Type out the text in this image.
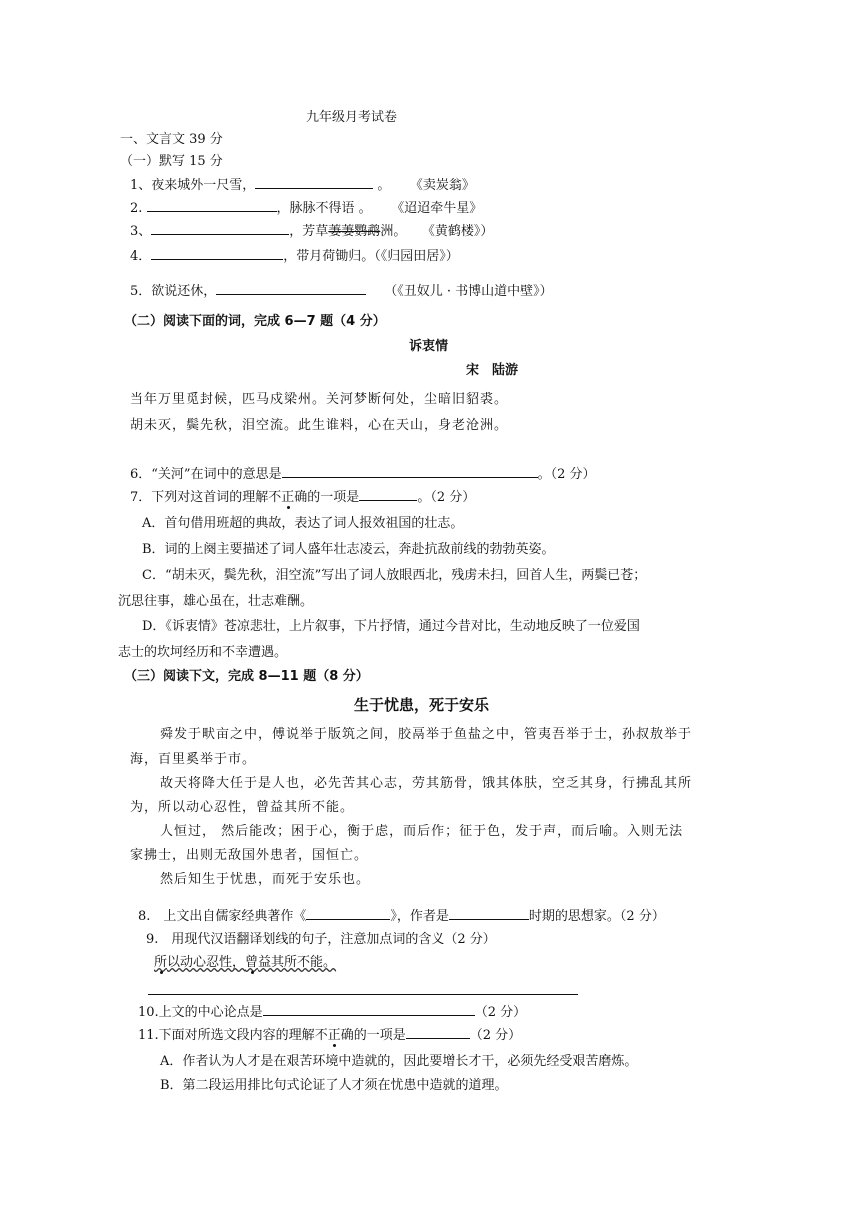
九年级月考试卷
一、文言文 39 分
（一）默写 15 分
1、夜来城外一尺雪，	。 《卖炭翁》
2.	，脉脉不得语 。 《迢迢牵牛星》
3、	，芳草萋萋鹦鹉洲。 《黄鹤楼》）
4．	，带月荷锄归。（《归园田居》）
5．欲说还休，	（《丑奴儿 · 书博山道中壁》）
（二）阅读下面的词，完成 6—7 题（4 分）
诉衷情
宋　陆游
当年万里觅封候，匹马戍梁州。关河梦断何处，尘暗旧貂裘。
胡未灭，鬓先秋，泪空流。此生谁料，心在天山，身老沧洲。
6．“关河”在词中的意思是	。（2 分）
7．下列对这首词的理解不正确的一项是	。（2 分）
A．首句借用班超的典故，表达了词人报效祖国的壮志。
B．词的上阕主要描述了词人盛年壮志凌云，奔赴抗敌前线的勃勃英姿。
C．“胡未灭，鬓先秋，泪空流”写出了词人放眼西北，残虏未扫，回首人生，两鬓已苍；
沉思往事，雄心虽在，壮志难酬。
D．《诉衷情》苍凉悲壮，上片叙事，下片抒情，通过今昔对比，生动地反映了一位爱国
志士的坎坷经历和不幸遭遇。
（三）阅读下文，完成 8—11 题（8 分）
生于忧患，死于安乐
舜发于畎亩之中，傅说举于版筑之间，胶鬲举于鱼盐之中，管夷吾举于士，孙叔敖举于
海，百里奚举于市。
故天将降大任于是人也，必先苦其心志，劳其筋骨，饿其体肤，空乏其身，行拂乱其所
为，所以动心忍性，曾益其所不能。
人恒过， 然后能改；困于心，衡于虑，而后作；征于色，发于声，而后喻。入则无法
家拂士，出则无敌国外患者，国恒亡。
然后知生于忧患，而死于安乐也。
8.　上文出自儒家经典著作《	》，作者是	时期的思想家。（2 分）
9.　用现代汉语翻译划线的句子，注意加点词的含义（2 分）
所以动心忍性，曾益其所不能。
10.上文的中心论点是	（2 分）
11.下面对所选文段内容的理解不正确的一项是	（2 分）
A．作者认为人才是在艰苦环境中造就的，因此要增长才干，必须先经受艰苦磨炼。
B．第二段运用排比句式论证了人才须在忧患中造就的道理。
